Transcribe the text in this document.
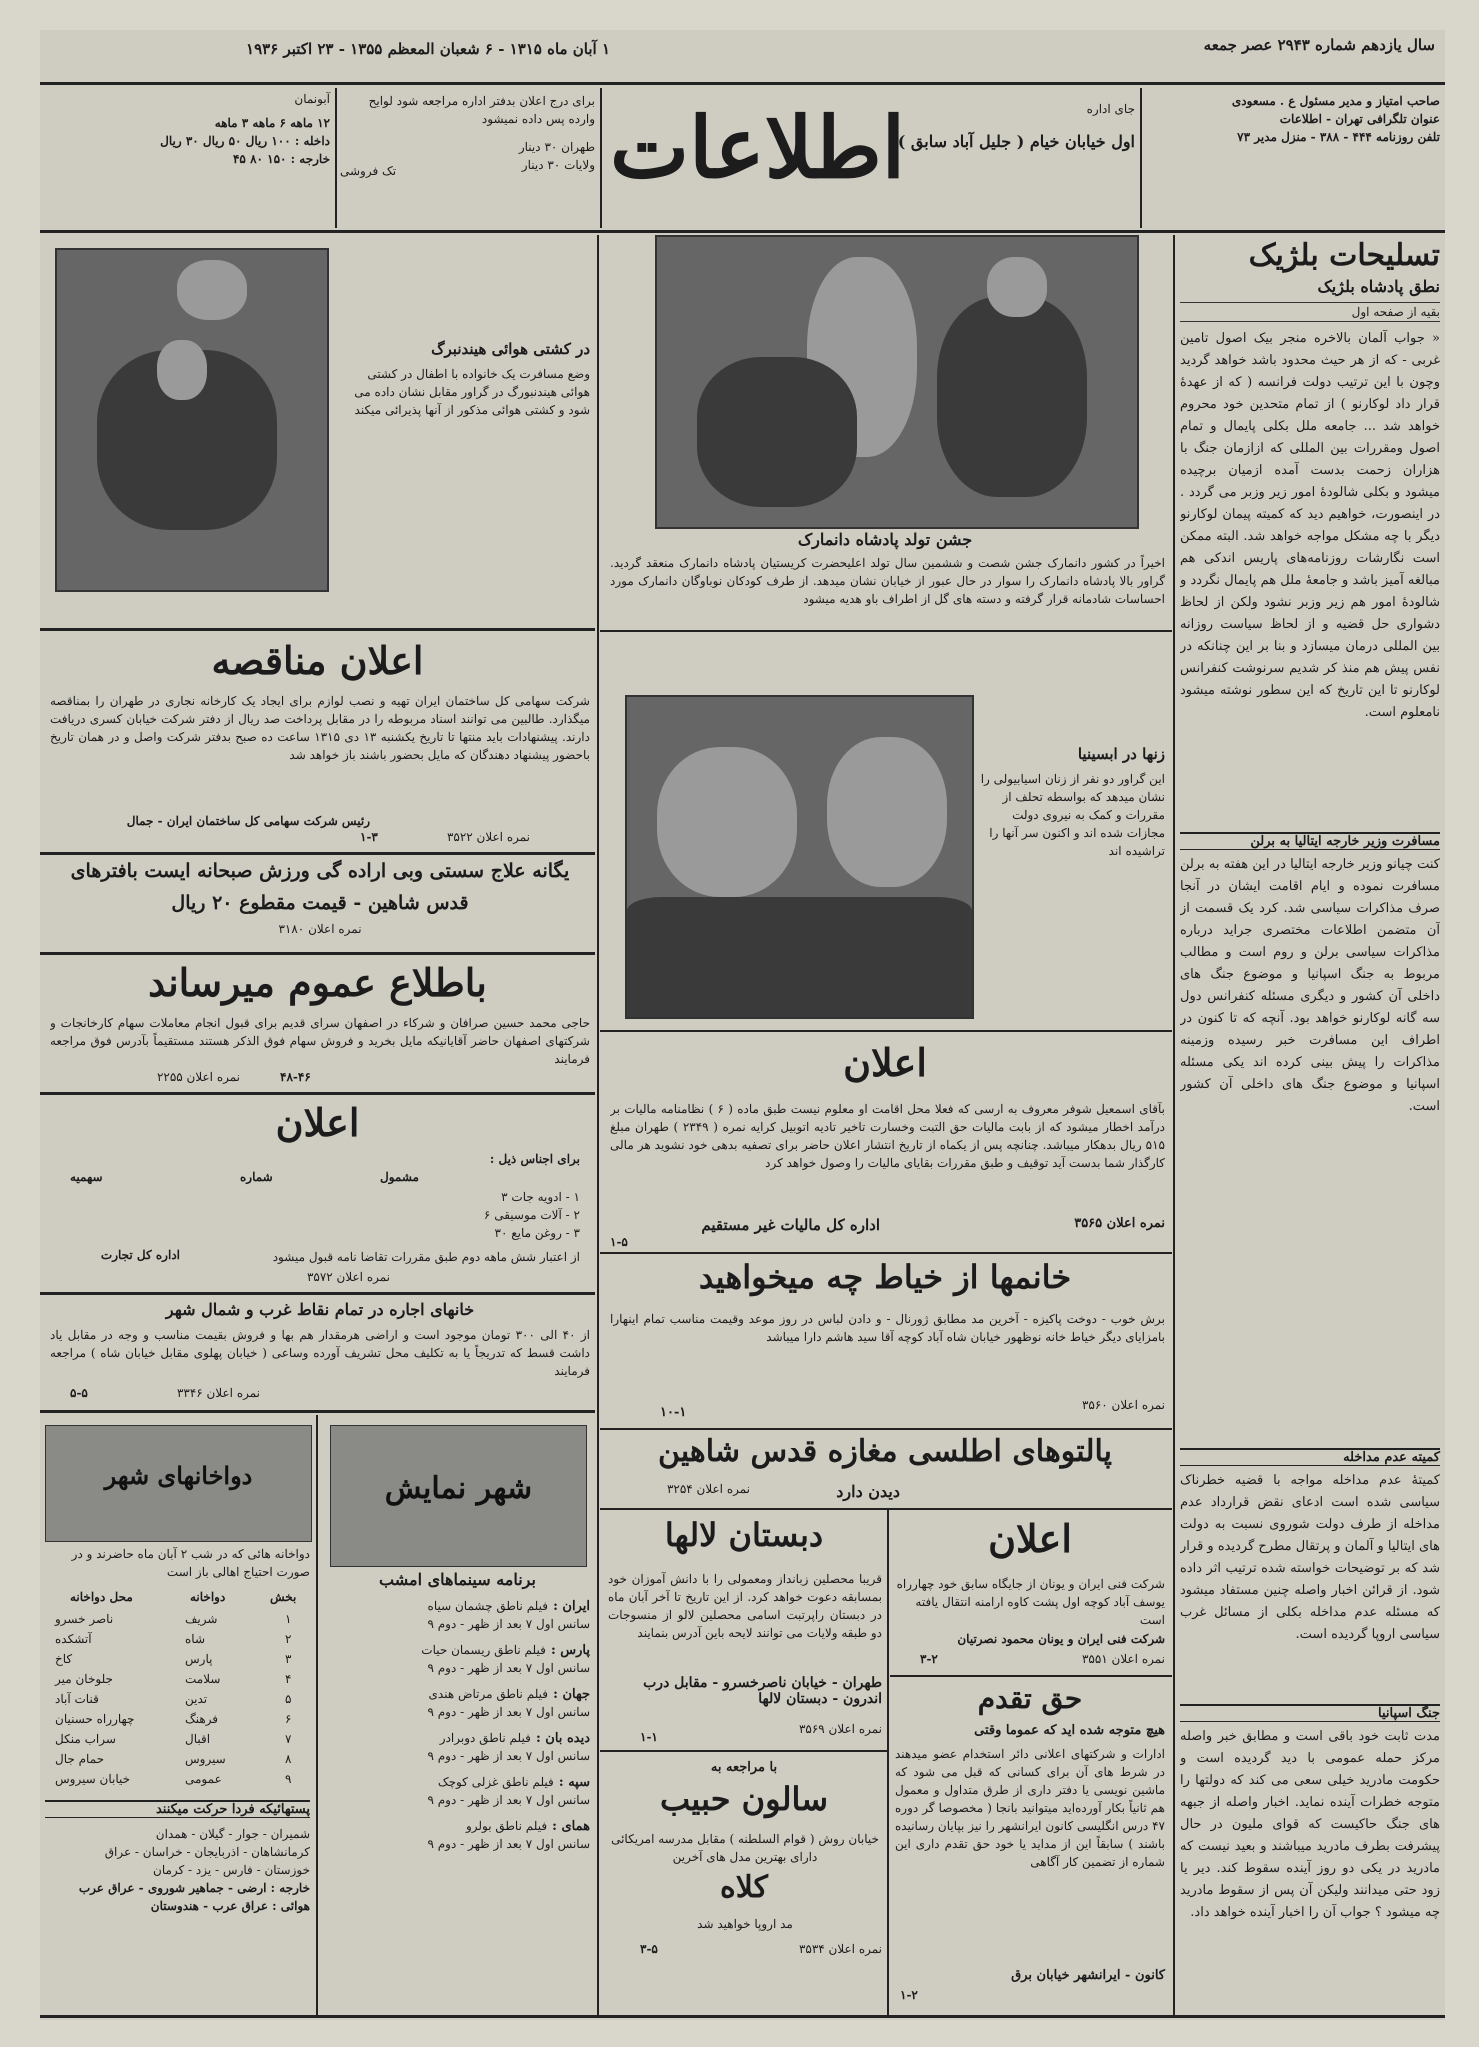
سال یازدهم شماره ۲۹۴۳ عصر جمعه
۱ آبان ماه ۱۳۱۵ - ۶ شعبان المعظم ۱۳۵۵ - ۲۳ اکتبر ۱۹۳۶
صاحب امتیاز و مدیر مسئول ع . مسعودی
عنوان تلگرافی تهران - اطلاعات
تلفن روزنامه ۴۴۴ - ۳۸۸ - منزل مدیر ۷۳
جای اداره
اول خیابان خیام ( جلیل آباد سابق )
اطلاعات
برای درج اعلان بدفتر اداره مراجعه شود لوایح وارده پس داده نمیشود
طهران ۳۰ دینار
ولایات ۳۰ دینار
تک فروشی
آبونمان
۱۲ ماهه ۶ ماهه ۳ ماهه
داخله : ۱۰۰ ریال ۵۰ ریال ۳۰ ریال
خارجه : ۱۵۰ ۸۰ ۴۵
تسلیحات بلژیک
نطق پادشاه بلژیک
بقیه از صفحه اول
« جواب آلمان بالاخره منجر بیک اصول تامین غربی - که از هر حیث محدود باشد خواهد گردید وچون با این ترتیب دولت فرانسه ( که از عهدهٔ قرار داد لوکارنو ) از تمام متحدین خود محروم خواهد شد ... جامعه ملل بکلی پایمال و تمام اصول ومقررات بین المللی که ازازمان جنگ با هزاران زحمت بدست آمده ازمیان برچیده میشود و بکلی شالودهٔ امور زیر وزبر می گردد . در اینصورت، خواهیم دید که کمیته پیمان لوکارنو دیگر با چه مشکل مواجه خواهد شد. البته ممکن است نگارشات روزنامه‌های پاریس اندکی هم مبالغه آمیز باشد و جامعهٔ ملل هم پایمال نگردد و شالودهٔ امور هم زیر وزبر نشود ولکن از لحاظ دشواری حل قضیه و از لحاظ سیاست روزانه بین المللی درمان میسازد و بنا بر این چنانکه در نفس پیش هم منذ کر شدیم سرنوشت کنفرانس لوکارنو تا این تاریخ که این سطور نوشته میشود نامعلوم است.
مسافرت وزیر خارجه ایتالیا به برلن
کنت چیانو وزیر خارجه ایتالیا در این هفته به برلن مسافرت نموده و ایام اقامت ایشان در آنجا صرف مذاکرات سیاسی شد. کرد یک قسمت از آن متضمن اطلاعات مختصری جراید درباره مذاکرات سیاسی برلن و روم است و مطالب مربوط به جنگ اسپانیا و موضوع جنگ های داخلی آن کشور و دیگری مسئله کنفرانس دول سه گانه لوکارنو خواهد بود. آنچه که تا کنون در اطراف این مسافرت خبر رسیده وزمینه مذاکرات را پیش بینی کرده اند یکی مسئله اسپانیا و موضوع جنگ های داخلی آن کشور است.
کمیته عدم مداخله
کمیتهٔ عدم مداخله مواجه با قضیه خطرناک سیاسی شده است ادعای نقض قرارداد عدم مداخله از طرف دولت شوروی نسبت به دولت های ایتالیا و آلمان و پرتقال مطرح گردیده و قرار شد که بر توضیحات خواسته شده ترتیب اثر داده شود. از قرائن اخبار واصله چنین مستفاد میشود که مسئله عدم مداخله بکلی از مسائل غرب سیاسی اروپا گردیده است.
جنگ اسپانیا
مدت ثابت خود باقی است و مطابق خبر واصله مرکز حمله عمومی با دید گردیده است و حکومت مادرید خیلی سعی می کند که دولتها را متوجه خطرات آینده نماید. اخبار واصله از جبهه های جنگ حاکیست که قوای ملیون در حال پیشرفت بطرف مادرید میباشند و بعید نیست که مادرید در یکی دو روز آینده سقوط کند. دیر یا زود حتی میدانند ولیکن آن پس از سقوط مادرید چه میشود ؟ جواب آن را اخبار آینده خواهد داد.
جشن تولد پادشاه دانمارک
اخیراً در کشور دانمارک جشن شصت و ششمین سال تولد اعلیحضرت کریستیان پادشاه دانمارک منعقد گردید. گراور بالا پادشاه دانمارک را سوار در حال عبور از خیابان نشان میدهد. از طرف کودکان نوباوگان دانمارک مورد احساسات شادمانه قرار گرفته و دسته های گل از اطراف باو هدیه میشود
زنها در ابسینیا
این گراور دو نفر از زنان اسیابیولی را نشان میدهد که بواسطه تحلف از مقررات و کمک به نیروی دولت مجازات شده اند و اکنون سر آنها را تراشیده اند
اعلان
بآقای اسمعیل شوفر معروف به ارسی که فعلا محل اقامت او معلوم نیست طبق ماده ( ۶ ) نظامنامه مالیات بر درآمد اخطار میشود که از بابت مالیات حق التبت وخسارت تاخیر تادیه اتوبیل کرایه نمره ( ۲۳۴۹ ) طهران مبلغ ۵۱۵ ریال بدهکار میباشد. چنانچه پس از یکماه از تاریخ انتشار اعلان حاضر برای تصفیه بدهی خود نشوید هر مالی کارگذار شما بدست آید توقیف و طبق مقررات بقایای مالیات را وصول خواهد کرد
نمره اعلان ۳۵۶۵
اداره کل مالیات غیر مستقیم
۱-۵
خانمها از خیاط چه میخواهید
برش خوب - دوخت پاکیزه - آخرین مد مطابق ژورنال - و دادن لباس در روز موعد وقیمت مناسب تمام اینهارا بامزایای دیگر خیاط خانه نوظهور خیابان شاه آباد کوچه آقا سید هاشم دارا میباشد
نمره اعلان ۳۵۶۰
۱۰-۱
پالتوهای اطلسی مغازه قدس شاهین
دیدن دارد
نمره اعلان ۳۲۵۴
اعلان
شرکت فنی ایران و یونان از جایگاه سابق خود چهارراه یوسف آباد کوچه اول پشت کاوه ارامنه انتقال یافته است
شرکت فنی ایران و یونان محمود نصرتیان
نمره اعلان ۳۵۵۱
۳-۲
حق تقدم
هیچ متوجه شده اید که عموما وقتی
ادارات و شرکتهای اعلانی دائر استخدام عضو میدهند در شرط های آن برای کسانی که قبل می شود که ماشین نویسی یا دفتر داری از طرق متداول و معمول هم ثانیاً بکار آورده‌اید میتوانید بانجا ( مخصوصا گر دوره ۴۷ درس انگلیسی کانون ایرانشهر را نیز بپایان رسانیده باشند ) سابقاً این از مداید یا خود حق تقدم داری این شماره از تضمین کار آگاهی
کانون - ایرانشهر خیابان برق
۱-۲
دبستان لالها
قریبا محصلین زبانداز ومعمولی را با دانش آموزان خود بمسابقه دعوت خواهد کرد. از این تاریخ تا آخر آبان ماه در دبستان راپرتبت اسامی محصلین لالو از منسوجات دو طبقه ولایات می توانند لایحه باین آدرس بنمایند
طهران - خیابان ناصرخسرو - مقابل درب اندرون - دبستان لالها
نمره اعلان ۳۵۶۹
۱-۱
با مراجعه به
سالون حبیب
خیابان روش ( قوام السلطنه ) مقابل مدرسه امریکائی دارای بهترین مدل های آخرین
کلاه
مد اروپا خواهید شد
نمره اعلان ۳۵۳۴
۳-۵
در کشتی هوائی هیندنبرگ
وضع مسافرت یک خانواده با اطفال در کشتی هوائی هیندنبورگ در گراور مقابل نشان داده می شود و کشتی هوائی مذکور از آنها پذیرائی میکند
اعلان مناقصه
شرکت سهامی کل ساختمان ایران تهیه و نصب لوازم برای ایجاد یک کارخانه نجاری در طهران را بمناقصه میگذارد. طالبین می توانند اسناد مربوطه را در مقابل پرداخت صد ریال از دفتر شرکت خیابان کسری دریافت دارند. پیشنهادات باید منتها تا تاریخ یکشنبه ۱۳ دی ۱۳۱۵ ساعت ده صبح بدفتر شرکت واصل و در همان تاریخ باحضور پیشنهاد دهندگان که مایل بحضور باشند باز خواهد شد
رئیس شرکت سهامی کل ساختمان ایران - جمال
نمره اعلان ۳۵۲۲
۱-۳
یگانه علاج سستی وبی اراده گی ورزش صبحانه ایست بافترهای
قدس شاهین - قیمت مقطوع ۲۰ ریال
نمره اعلان ۳۱۸۰
باطلاع عموم میرساند
حاجی محمد حسین صرافان و شرکاء در اصفهان سرای قدیم برای قبول انجام معاملات سهام کارخانجات و شرکتهای اصفهان حاضر آقایانیکه مایل بخرید و فروش سهام فوق الذکر هستند مستقیماً بآدرس فوق مراجعه فرمایند
نمره اعلان ۲۲۵۵	۴۸-۴۶
اعلان
برای اجناس ذیل :
مشمول
شماره
سهمیه
۱ - ادویه جات ۳
۲ - آلات موسیقی ۶
۳ - روغن مایع ۳۰
از اعتبار شش ماهه دوم طبق مقررات تقاضا نامه قبول میشود
اداره کل تجارت
نمره اعلان ۳۵۷۲
خانهای اجاره در تمام نقاط غرب و شمال شهر
از ۴۰ الی ۳۰۰ تومان موجود است و اراضی هرمقدار هم بها و فروش بقیمت مناسب و وجه در مقابل یاد داشت قسط که تدریجاً یا به تکلیف محل تشریف آورده وساعی ( خیابان پهلوی مقابل خیابان شاه ) مراجعه فرمایند
نمره اعلان ۳۳۴۶
۵-۵
شهر نمایش
برنامه سینماهای امشب
ایران : فیلم ناطق چشمان سیاه
سانس اول ۷ بعد از ظهر - دوم ۹
پارس : فیلم ناطق ریسمان حیات
سانس اول ۷ بعد از ظهر - دوم ۹
جهان : فیلم ناطق مرتاض هندی
سانس اول ۷ بعد از ظهر - دوم ۹
دیده بان : فیلم ناطق دوبرادر
سانس اول ۷ بعد از ظهر - دوم ۹
سپه : فیلم ناطق غزلی کوچک
سانس اول ۷ بعد از ظهر - دوم ۹
همای : فیلم ناطق بولرو
سانس اول ۷ بعد از ظهر - دوم ۹
دواخانهای شهر
دواخانه هائی که در شب ۲ آبان ماه حاضرند و در صورت احتیاج اهالی باز است
بخش
دواخانه
محل دواخانه
۱
شریف
ناصر خسرو
۲
شاه
آتشکده
۳
پارس
کاخ
۴
سلامت
جلوخان میر
۵
تدین
قنات آباد
۶
فرهنگ
چهارراه حسنیان
۷
اقبال
سراب منکل
۸
سیروس
حمام جال
۹
عمومی
خیابان سیروس
پستهائیکه فردا حرکت میکنند
شمیران - جوار - گیلان - همدان
کرمانشاهان - اذربایجان - خراسان - عراق
خوزستان - فارس - یزد - کرمان
خارجه : ارضی - جماهیر شوروی - عراق عرب
هوائی : عراق عرب - هندوستان
